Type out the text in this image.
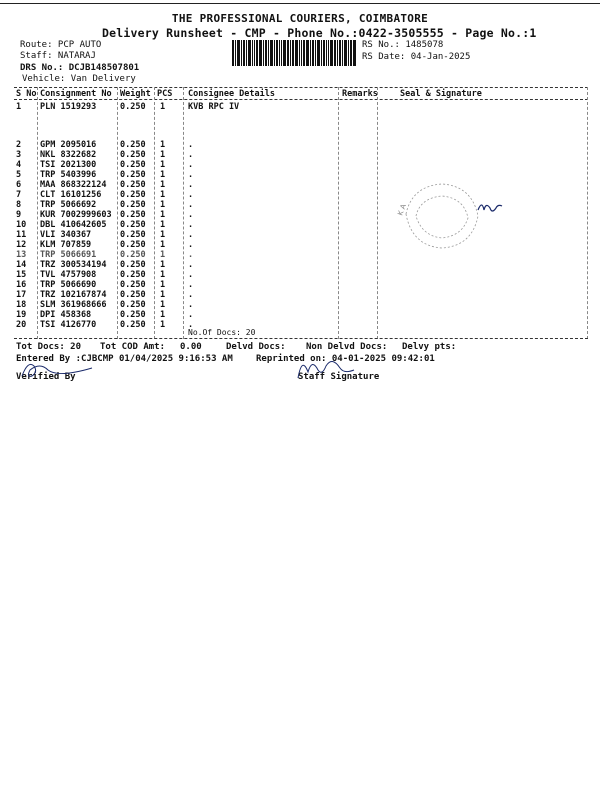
THE PROFESSIONAL COURIERS, COIMBATORE
Delivery Runsheet - CMP - Phone No.:0422-3505555 - Page No.:1
Route: PCP AUTO
Staff: NATARAJ
DRS No.: DCJB148507801
Vehicle: Van Delivery
RS No.: 1485078
RS Date: 04-Jan-2025
S No Consignment No Weight PCS Consignee Details	Remarks	Seal & Signature
1 PLN 1519293	0.250 1	KVB RPC IV
2 GPM 2095016	0.250 1	.
3 NKL 8322682	0.250 1	.
4 TSI 2021300	0.250 1	.
5 TRP 5403996	0.250 1	.
6 MAA 868322124 0.250 1	.
7 CLT 16101256 0.250 1	.
8 TRP 5066692	0.250 1	.
9 KUR 7002999603 0.250 1	.
10 DBL 410642605 0.250 1	.
11 VLI 340367	0.250 1	.
12 KLM 707859	0.250 1	.
13 TRP 5066691	0.250 1	.
14 TRZ 300534194 0.250 1	.
15 TVL 4757908	0.250 1	.
16 TRP 5066690	0.250 1	.
17 TRZ 102167874 0.250 1	.
18 SLM 361968666 0.250 1	.
19 DPI 458368	0.250 1	.
20 TSI 4126770	0.250 1	.
No.Of Docs: 20
K A
Tot Docs: 20 Tot COD Amt: 0.00	Delvd Docs: Non Delvd Docs: Delvy pts:
Entered By :CJBCMP 01/04/2025 9:16:53 AM	Reprinted on: 04-01-2025 09:42:01
Verified By	Staff Signature
